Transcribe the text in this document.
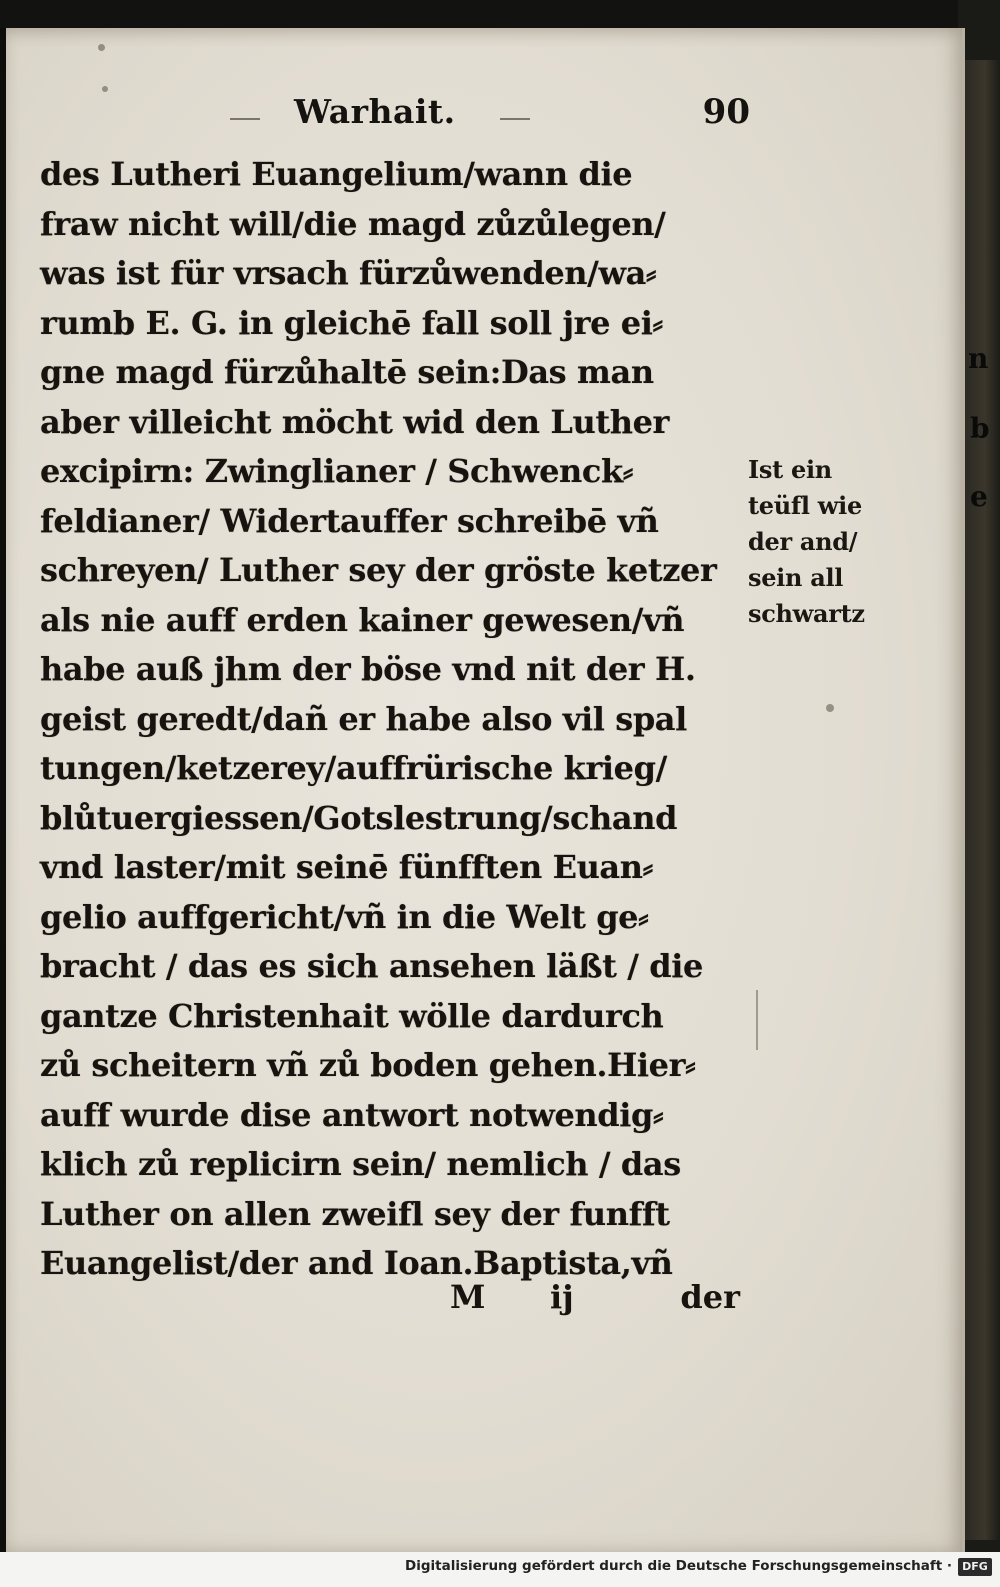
n
b
e
Warhait.	90
des Lutheri Euangelium/wann die
fraw nicht will/die magd zůzůlegen/
was ist für vrsach fürzůwenden/wa⸗
rumb E. G. in gleichē fall soll jre ei⸗
gne magd fürzůhaltē sein:Das man
aber villeicht möcht wid den Luther
excipirn: Zwinglianer / Schwenck⸗
feldianer/ Widertauffer schreibē vñ
schreyen/ Luther sey der gröste ketzer
als nie auff erden kainer gewesen/vñ
habe auß jhm der böse vnd nit der H.
geist geredt/dañ er habe also vil spal
tungen/ketzerey/auffrürische krieg/
blůtuergiessen/Gotslestrung/schand
vnd laster/mit seinē fünfften Euan⸗
gelio auffgericht/vñ in die Welt ge⸗
bracht / das es sich ansehen läßt / die
gantze Christenhait wölle dardurch
zů scheitern vñ zů boden gehen.Hier⸗
auff wurde dise antwort notwendig⸗
klich zů replicirn sein/ nemlich / das
Luther on allen zweifl sey der funfft
Euangelist/der and Ioan.Baptista,vñ
Ist ein
teüfl wie
der and/
sein all
schwartz
M ij	der
Digitalisierung gefördert durch die Deutsche Forschungsgemeinschaft · DFG
